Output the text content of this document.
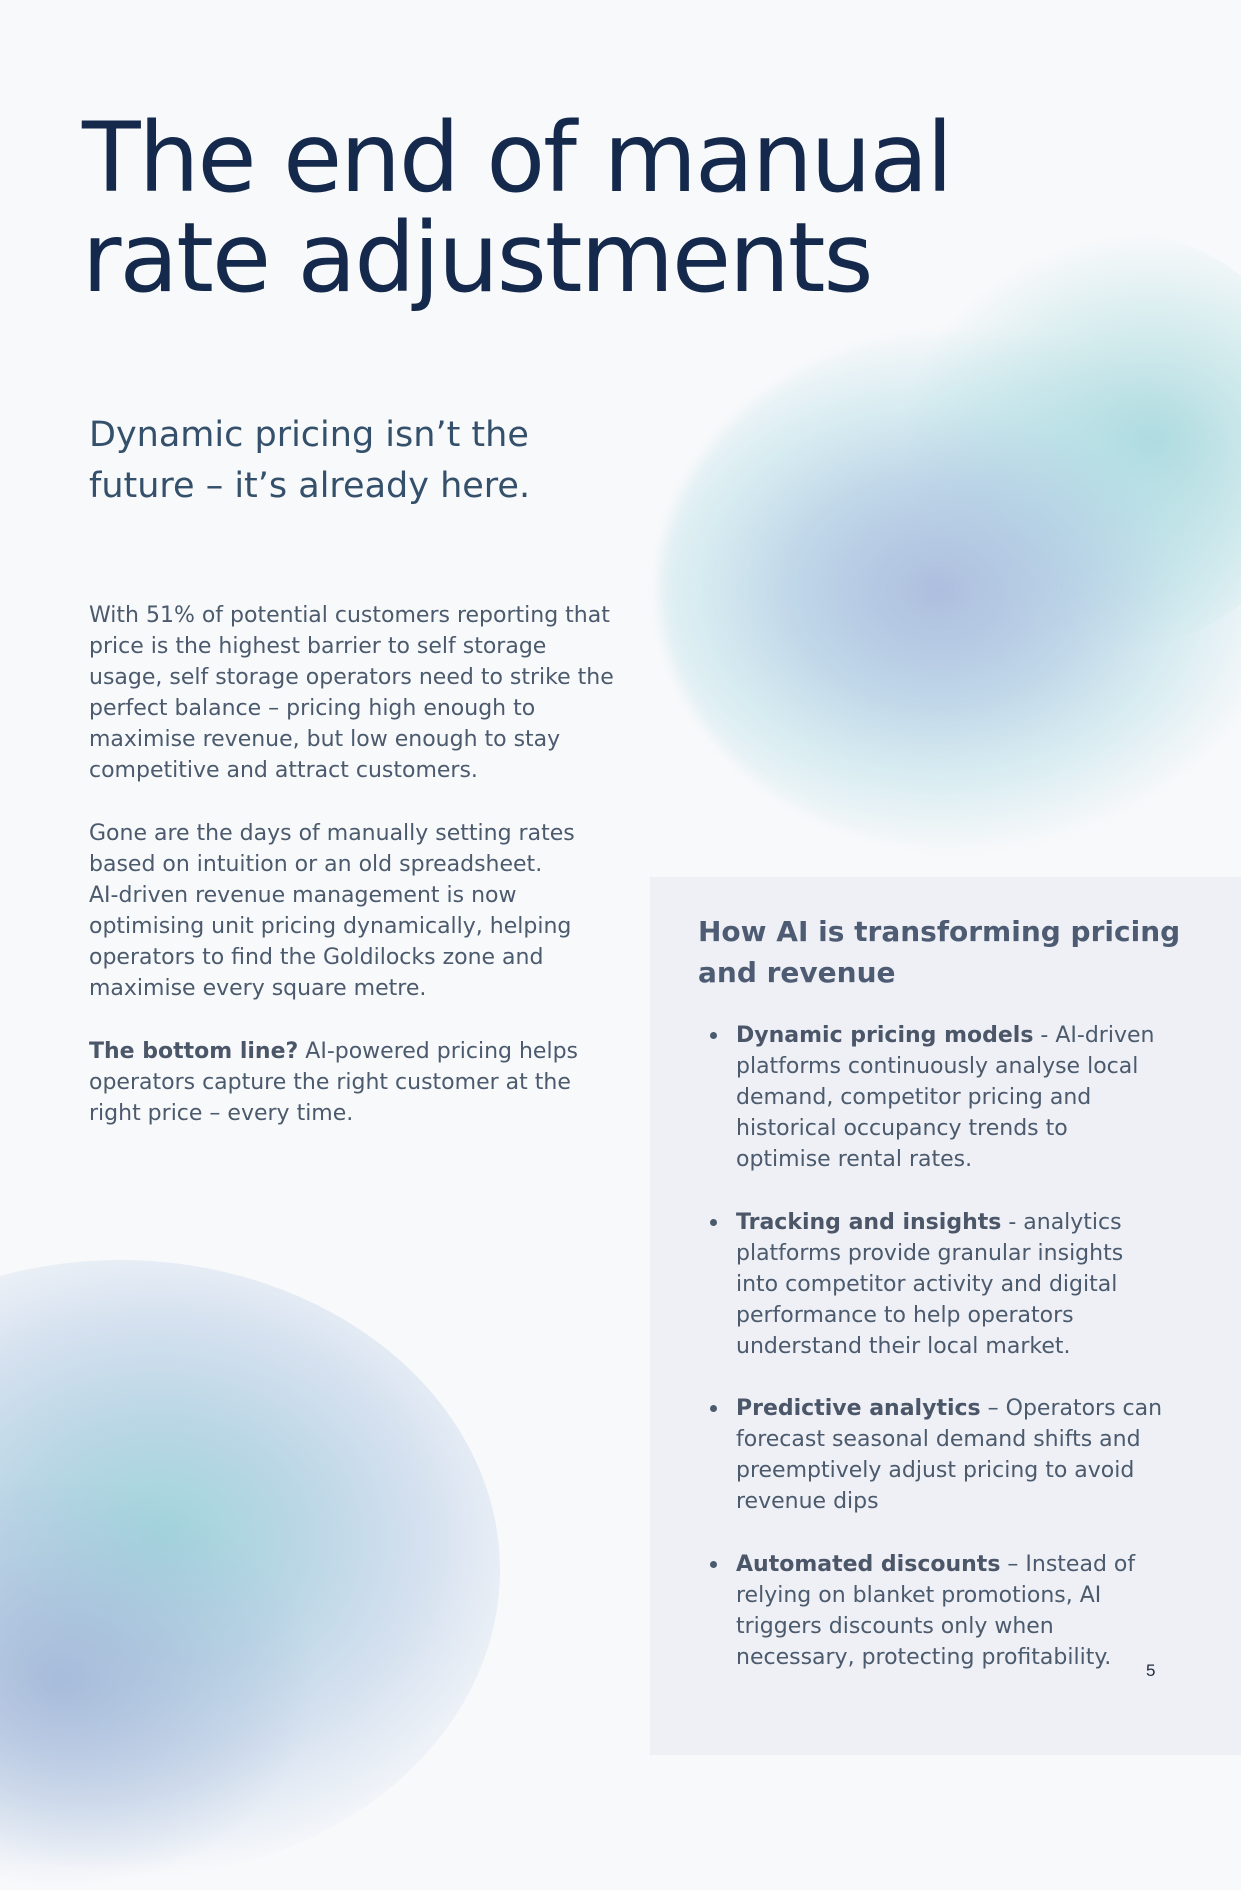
The end of manual
rate adjustments
Dynamic pricing isn’t the
future – it’s already here.

With 51% of potential customers reporting that
price is the highest barrier to self storage
usage, self storage operators need to strike the
perfect balance – pricing high enough to
maximise revenue, but low enough to stay
competitive and attract customers.

Gone are the days of manually setting rates
based on intuition or an old spreadsheet.
AI-driven revenue management is now
optimising unit pricing dynamically, helping
operators to find the Goldilocks zone and
maximise every square metre.

The bottom line? AI-powered pricing helps
operators capture the right customer at the
right price – every time.

How AI is transforming pricing
and revenue
Dynamic pricing models - AI-driven
platforms continuously analyse local
demand, competitor pricing and
historical occupancy trends to
optimise rental rates.
Tracking and insights - analytics
platforms provide granular insights
into competitor activity and digital
performance to help operators
understand their local market.
Predictive analytics – Operators can
forecast seasonal demand shifts and
preemptively adjust pricing to avoid
revenue dips
Automated discounts – Instead of
relying on blanket promotions, AI
triggers discounts only when
necessary, protecting profitability.
5
